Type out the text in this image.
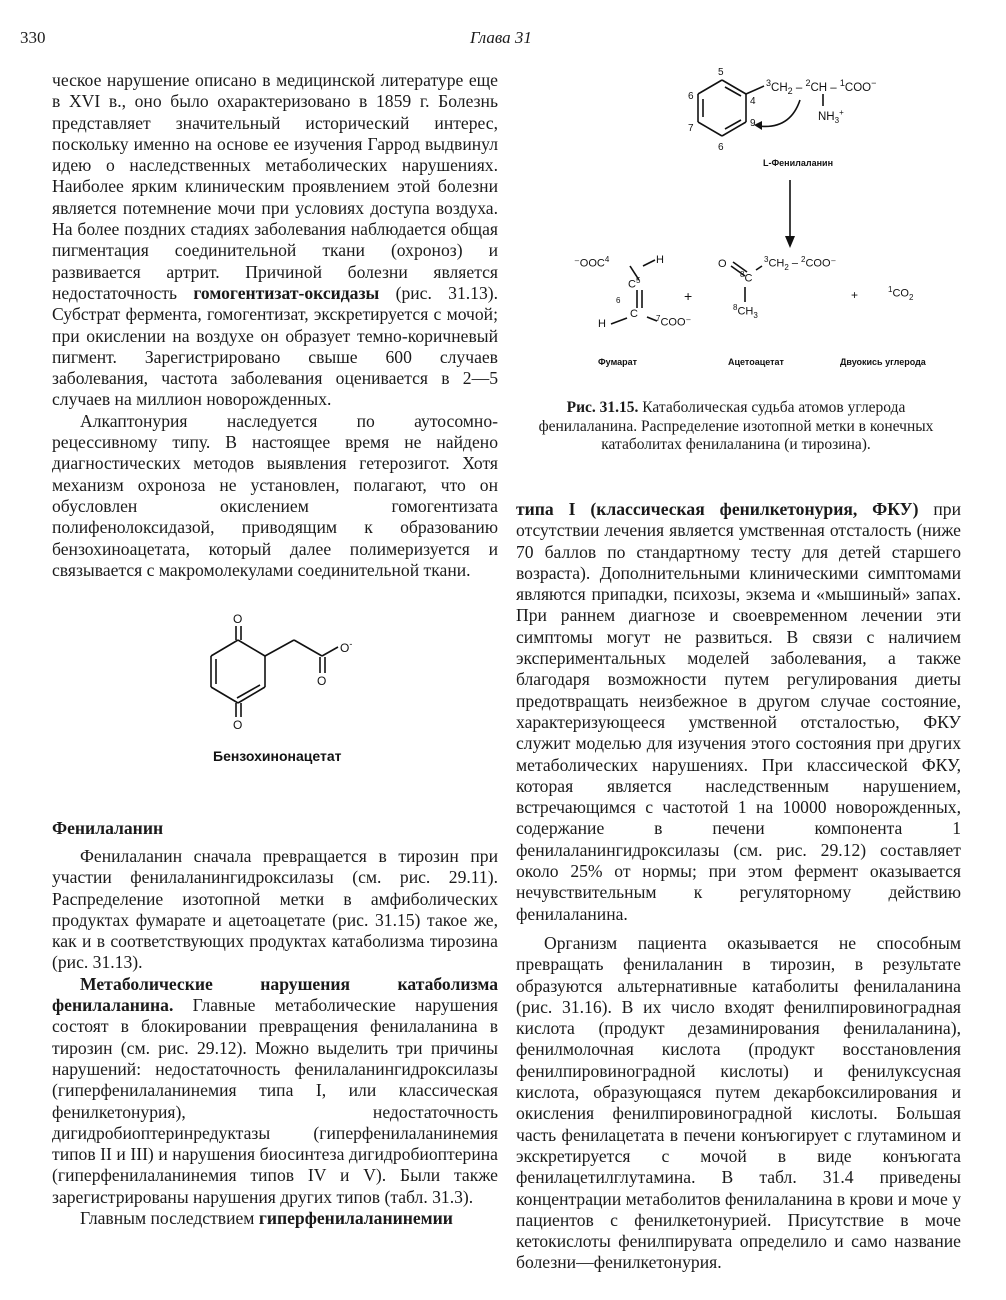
330	Глава 31

ческое нарушение описано в медицинской литературе еще в XVI в., оно было охарактеризовано в 1859 г. Болезнь представляет значительный исторический интерес, поскольку именно на основе ее изучения Гаррод выдвинул идею о наследственных метаболических нарушениях. Наиболее ярким клиническим проявлением этой болезни является потемнение мочи при условиях доступа воздуха. На более поздних стадиях заболевания наблюдается общая пигментация соединительной ткани (охроноз) и развивается артрит. Причиной болезни является недостаточность гомогентизат-оксидазы (рис. 31.13). Субстрат фермента, гомогентизат, экскретируется с мочой; при окислении на воздухе он образует темно-коричневый пигмент. Зарегистрировано свыше 600 случаев заболевания, частота заболевания оценивается в 2—5 случаев на миллион новорожденных.

Алкаптонурия наследуется по аутосомно-рецессивному типу. В настоящее время не найдено диагностических методов выявления гетерозигот. Хотя механизм охроноза не установлен, полагают, что он обусловлен окислением гомогентизата полифенолоксидазой, приводящим к образованию бензохиноацетата, который далее полимеризуется и связывается с макромолекулами соединительной ткани.

O
O
O-
O
Бензохинонацетат
Фенилаланин

Фенилаланин сначала превращается в тирозин при участии фенилаланингидроксилазы (см. рис. 29.11). Распределение изотопной метки в амфиболических продуктах фумарате и ацетоацетате (рис. 31.15) такое же, как и в соответствующих продуктах катаболизма тирозина (рис. 31.13).

Метаболические нарушения катаболизма фенилаланина. Главные метаболические нарушения состоят в блокировании превращения фенилаланина в тирозин (см. рис. 29.12). Можно выделить три причины нарушений: недостаточность фенилаланингидроксилазы (гиперфенилаланинемия типа I, или классическая фенилкетонурия), недостаточность дигидробиоптеринредуктазы (гиперфенилаланинемия типов II и III) и нарушения биосинтеза дигидробиоптерина (гиперфенилаланинемия типов IV и V). Были также зарегистрированы нарушения других типов (табл. 31.3).

Главным последствием гиперфенилаланинемии

$^3CH_2 - ^2CH - ^1COO^-$
$NH_3^+$
5
4
6
9
7
6
L-Фенилаланин
⁻OOC$^4$
$C^5$
H
6
C
H	$^7$COO⁻
+
O
$^8$C
$^3CH_2 - ^2COO^-$
$^8CH_3$
+	$^1CO_2$
Фумарат	Ацетоацетат	Двуокись углерода
Рис. 31.15. Катаболическая судьба атомов углерода фенилаланина. Распределение изотопной метки в конечных катаболитах фенилаланина (и тирозина).

типа I (классическая фенилкетонурия, ФКУ) при отсутствии лечения является умственная отсталость (ниже 70 баллов по стандартному тесту для детей старшего возраста). Дополнительными клиническими симптомами являются припадки, психозы, экзема и «мышиный» запах. При раннем диагнозе и своевременном лечении эти симптомы могут не развиться. В связи с наличием экспериментальных моделей заболевания, а также благодаря возможности путем регулирования диеты предотвращать неизбежное в другом случае состояние, характеризующееся умственной отсталостью, ФКУ служит моделью для изучения этого состояния при других метаболических нарушениях. При классической ФКУ, которая является наследственным нарушением, встречающимся с частотой 1 на 10000 новорожденных, содержание в печени компонента 1 фенилаланингидроксилазы (см. рис. 29.12) составляет около 25% от нормы; при этом фермент оказывается нечувствительным к регуляторному действию фенилаланина.

Организм пациента оказывается не способным превращать фенилаланин в тирозин, в результате образуются альтернативные катаболиты фенилаланина (рис. 31.16). В их число входят фенилпировиноградная кислота (продукт дезаминирования фенилаланина), фенилмолочная кислота (продукт восстановления фенилпировиноградной кислоты) и фенилуксусная кислота, образующаяся путем декарбоксилирования и окисления фенилпировиноградной кислоты. Большая часть фенилацетата в печени конъюгирует с глутамином и экскретируется с мочой в виде конъюгата фенилацетилглутамина. В табл. 31.4 приведены концентрации метаболитов фенилаланина в крови и моче у пациентов с фенилкетонурией. Присутствие в моче кетокислоты фенилпирувата определило и само название болезни—фенилкетонурия.
